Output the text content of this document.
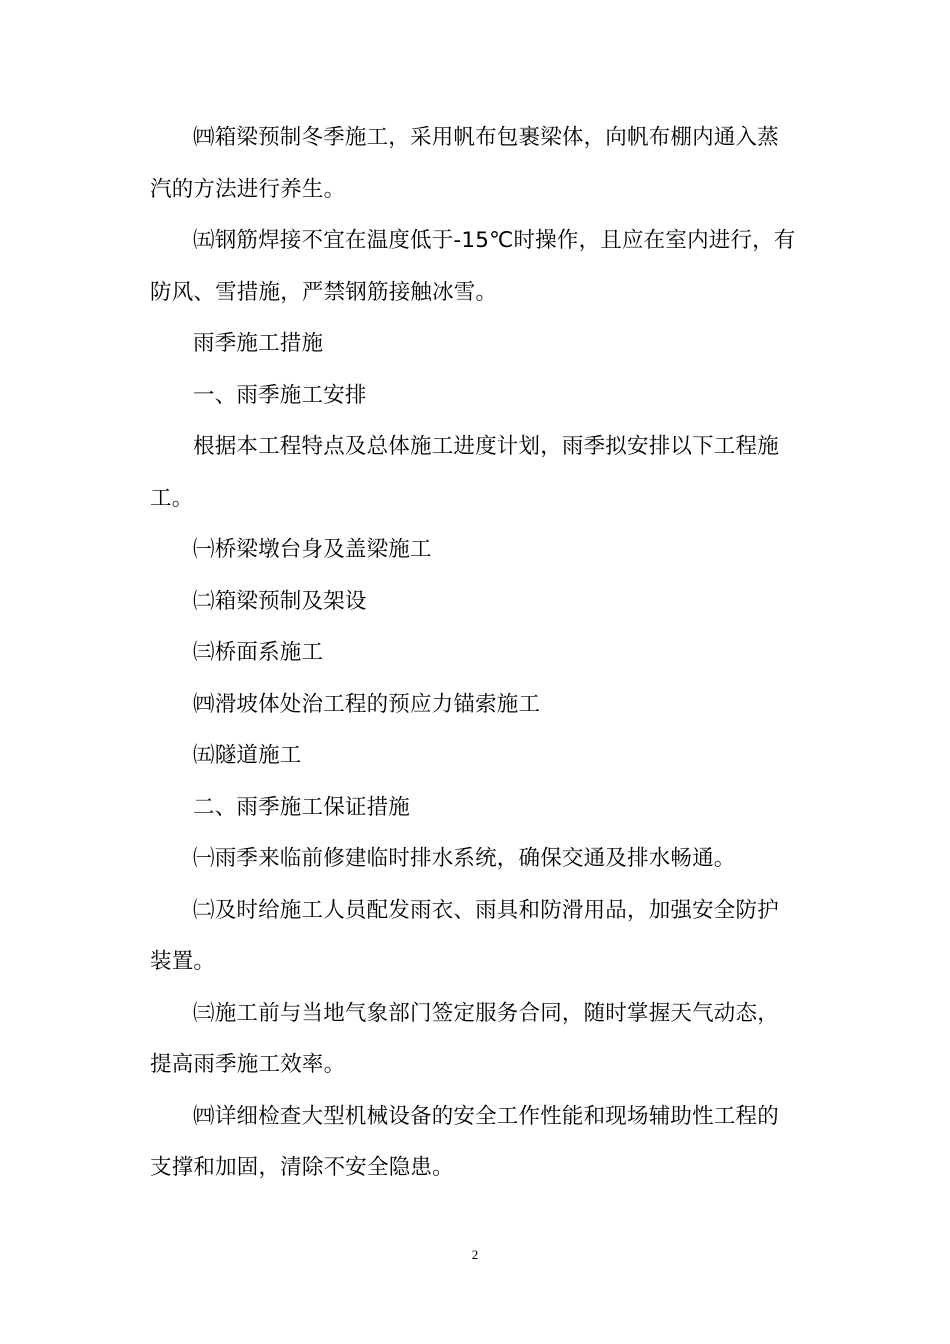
㈣箱梁预制冬季施工，采用帆布包裹梁体，向帆布棚内通入蒸汽的方法进行养生。

㈤钢筋焊接不宜在温度低于-15℃时操作，且应在室内进行，有防风、雪措施，严禁钢筋接触冰雪。

雨季施工措施

一、雨季施工安排

根据本工程特点及总体施工进度计划，雨季拟安排以下工程施工。

㈠桥梁墩台身及盖梁施工

㈡箱梁预制及架设

㈢桥面系施工

㈣滑坡体处治工程的预应力锚索施工

㈤隧道施工

二、雨季施工保证措施

㈠雨季来临前修建临时排水系统，确保交通及排水畅通。

㈡及时给施工人员配发雨衣、雨具和防滑用品，加强安全防护装置。

㈢施工前与当地气象部门签定服务合同，随时掌握天气动态，提高雨季施工效率。

㈣详细检查大型机械设备的安全工作性能和现场辅助性工程的支撑和加固，清除不安全隐患。

2
